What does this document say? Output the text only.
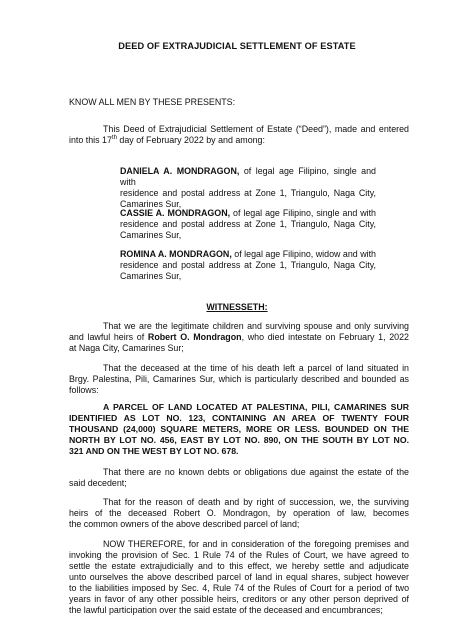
DEED OF EXTRAJUDICIAL SETTLEMENT OF ESTATE
KNOW ALL MEN BY THESE PRESENTS:
This Deed of Extrajudicial Settlement of Estate (“Deed”), made and entered
into this 17th day of February 2022 by and among:
DANIELA A. MONDRAGON, of legal age Filipino, single and with
residence and postal address at Zone 1, Triangulo, Naga City,
Camarines Sur,
CASSIE A. MONDRAGON, of legal age Filipino, single and with
residence and postal address at Zone 1, Triangulo, Naga City,
Camarines Sur,
ROMINA A. MONDRAGON, of legal age Filipino, widow and with
residence and postal address at Zone 1, Triangulo, Naga City,
Camarines Sur,
WITNESSETH:
That we are the legitimate children and surviving spouse and only surviving
and lawful heirs of Robert O. Mondragon, who died intestate on February 1, 2022
at Naga City, Camarines Sur;
That the deceased at the time of his death left a parcel of land situated in
Brgy. Palestina, Pili, Camarines Sur, which is particularly described and bounded as
follows:
A PARCEL OF LAND LOCATED AT PALESTINA, PILI, CAMARINES SUR
IDENTIFIED AS LOT NO. 123, CONTAINING AN AREA OF TWENTY FOUR
THOUSAND (24,000) SQUARE METERS, MORE OR LESS. BOUNDED ON THE
NORTH BY LOT NO. 456, EAST BY LOT NO. 890, ON THE SOUTH BY LOT NO.
321 AND ON THE WEST BY LOT NO. 678.
That there are no known debts or obligations due against the estate of the
said decedent;
That for the reason of death and by right of succession, we, the surviving
heirs of the deceased Robert O. Mondragon, by operation of law, becomes
the common owners of the above described parcel of land;
NOW THEREFORE, for and in consideration of the foregoing premises and
invoking the provision of Sec. 1 Rule 74 of the Rules of Court, we have agreed to
settle the estate extrajudicially and to this effect, we hereby settle and adjudicate
unto ourselves the above described parcel of land in equal shares, subject however
to the liabilities imposed by Sec. 4, Rule 74 of the Rules of Court for a period of two
years in favor of any other possible heirs, creditors or any other person deprived of
the lawful participation over the said estate of the deceased and encumbrances;
